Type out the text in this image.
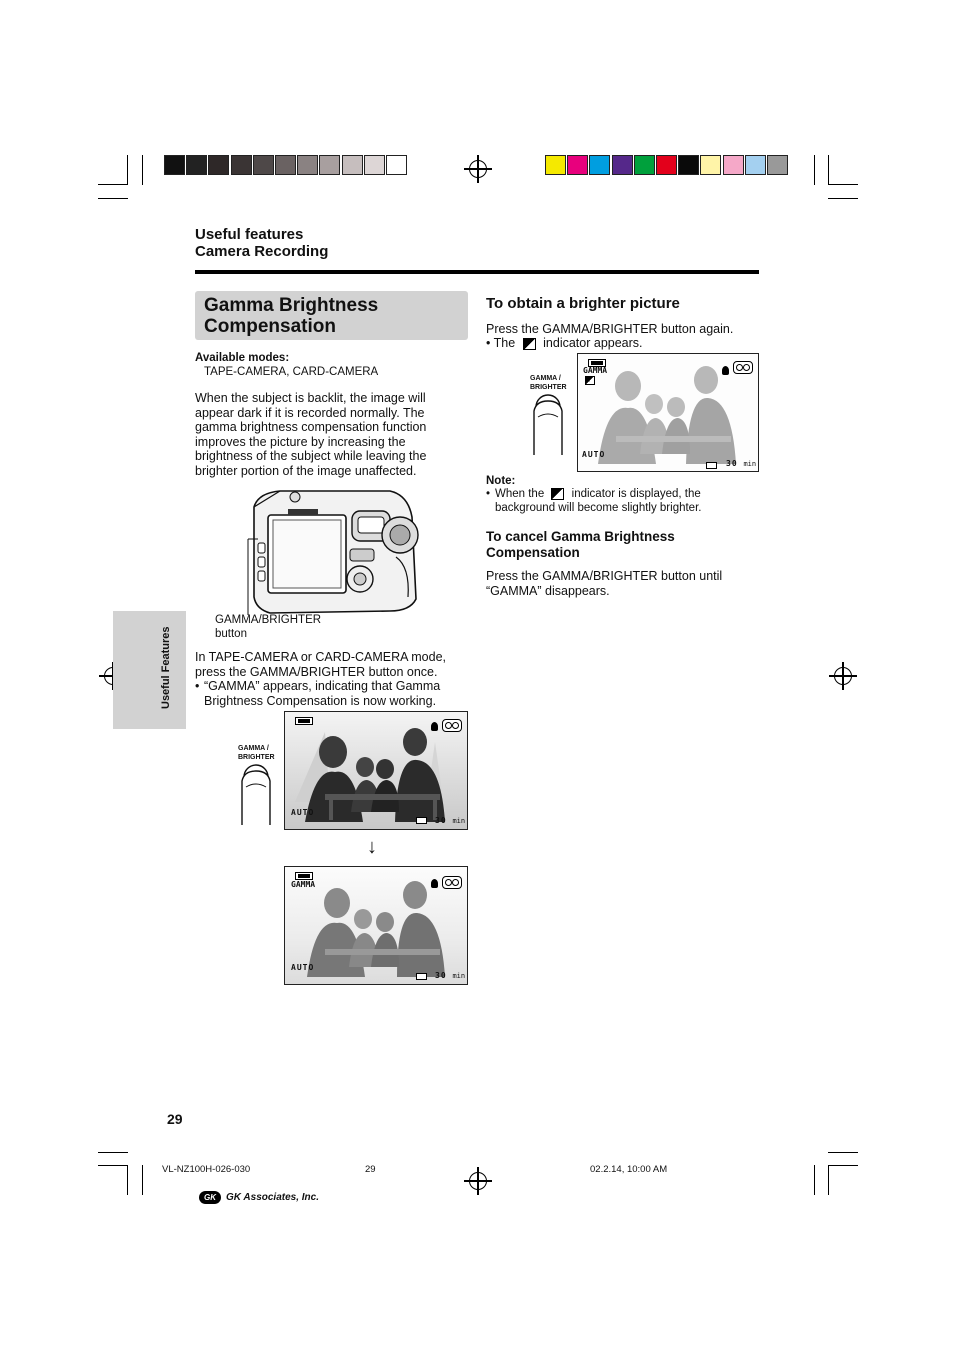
Useful features
Camera Recording
Gamma Brightness Compensation
Available modes:
TAPE-CAMERA, CARD-CAMERA
When the subject is backlit, the image will appear dark if it is recorded normally. The gamma brightness compensation function improves the picture by increasing the brightness of the subject while leaving the brighter portion of the image unaffected.
GAMMA/BRIGHTER
button
In TAPE-CAMERA or CARD-CAMERA mode, press the GAMMA/BRIGHTER button once.
• “GAMMA” appears, indicating that Gamma Brightness Compensation is now working.
GAMMA /
BRIGHTER
AUTO
30 min
↓
GAMMA
AUTO
30 min
To obtain a brighter picture
Press the GAMMA/BRIGHTER button again.
• The indicator appears.
GAMMA /
BRIGHTER
GAMMA
AUTO
30 min
Note:
• When the indicator is displayed, the background will become slightly brighter.
To cancel Gamma Brightness Compensation
Press the GAMMA/BRIGHTER button until “GAMMA” disappears.
Useful Features
29
VL-NZ100H-026-030	29	02.2.14, 10:00 AM
GK	GK Associates, Inc.
